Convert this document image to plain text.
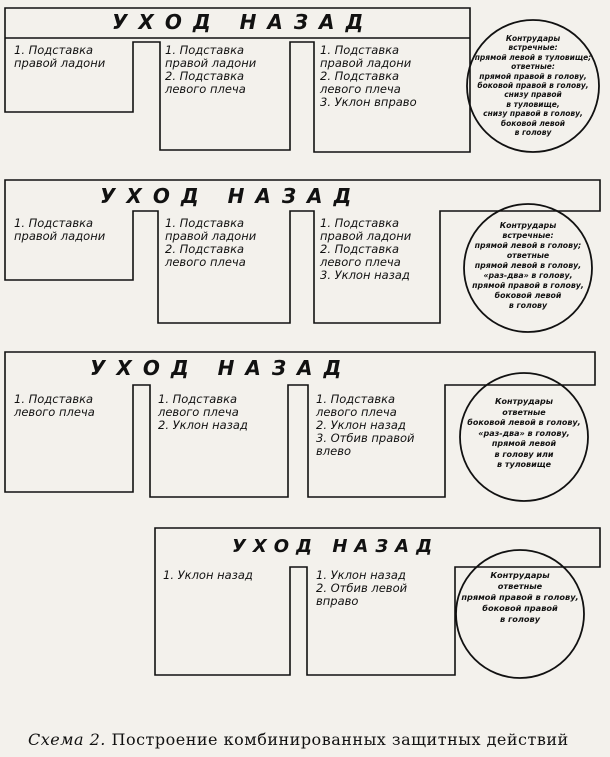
УХОД НАЗАД
1. Подставка
правой ладони
1. Подставка
правой ладони
2. Подставка
левого плеча
1. Подставка
правой ладони
2. Подставка
левого плеча
3. Уклон вправо
Контрудары
встречные:
прямой левой в туловище;
ответные:
прямой правой в голову,
боковой правой в голову,
снизу правой
в туловище,
снизу правой в голову,
боковой левой
в голову
УХОД НАЗАД
1. Подставка
правой ладони
1. Подставка
правой ладони
2. Подставка
левого плеча
1. Подставка
правой ладони
2. Подставка
левого плеча
3. Уклон назад
Контрудары
встречные:
прямой левой в голову;
ответные
прямой левой в голову,
«раз-два» в голову,
прямой правой в голову,
боковой левой
в голову
УХОД НАЗАД
1. Подставка
левого плеча
1. Подставка
левого плеча
2. Уклон назад
1. Подставка
левого плеча
2. Уклон назад
3. Отбив правой
влево
Контрудары
ответные
боковой левой в голову,
«раз-два» в голову,
прямой левой
в голову или
в туловище
УХОД НАЗАД
1. Уклон назад	1. Уклон назад
2. Отбив левой
вправо
Контрудары
ответные
прямой правой в голову,
боковой правой
в голову
Схема 2. Построение комбинированных защитных действий
